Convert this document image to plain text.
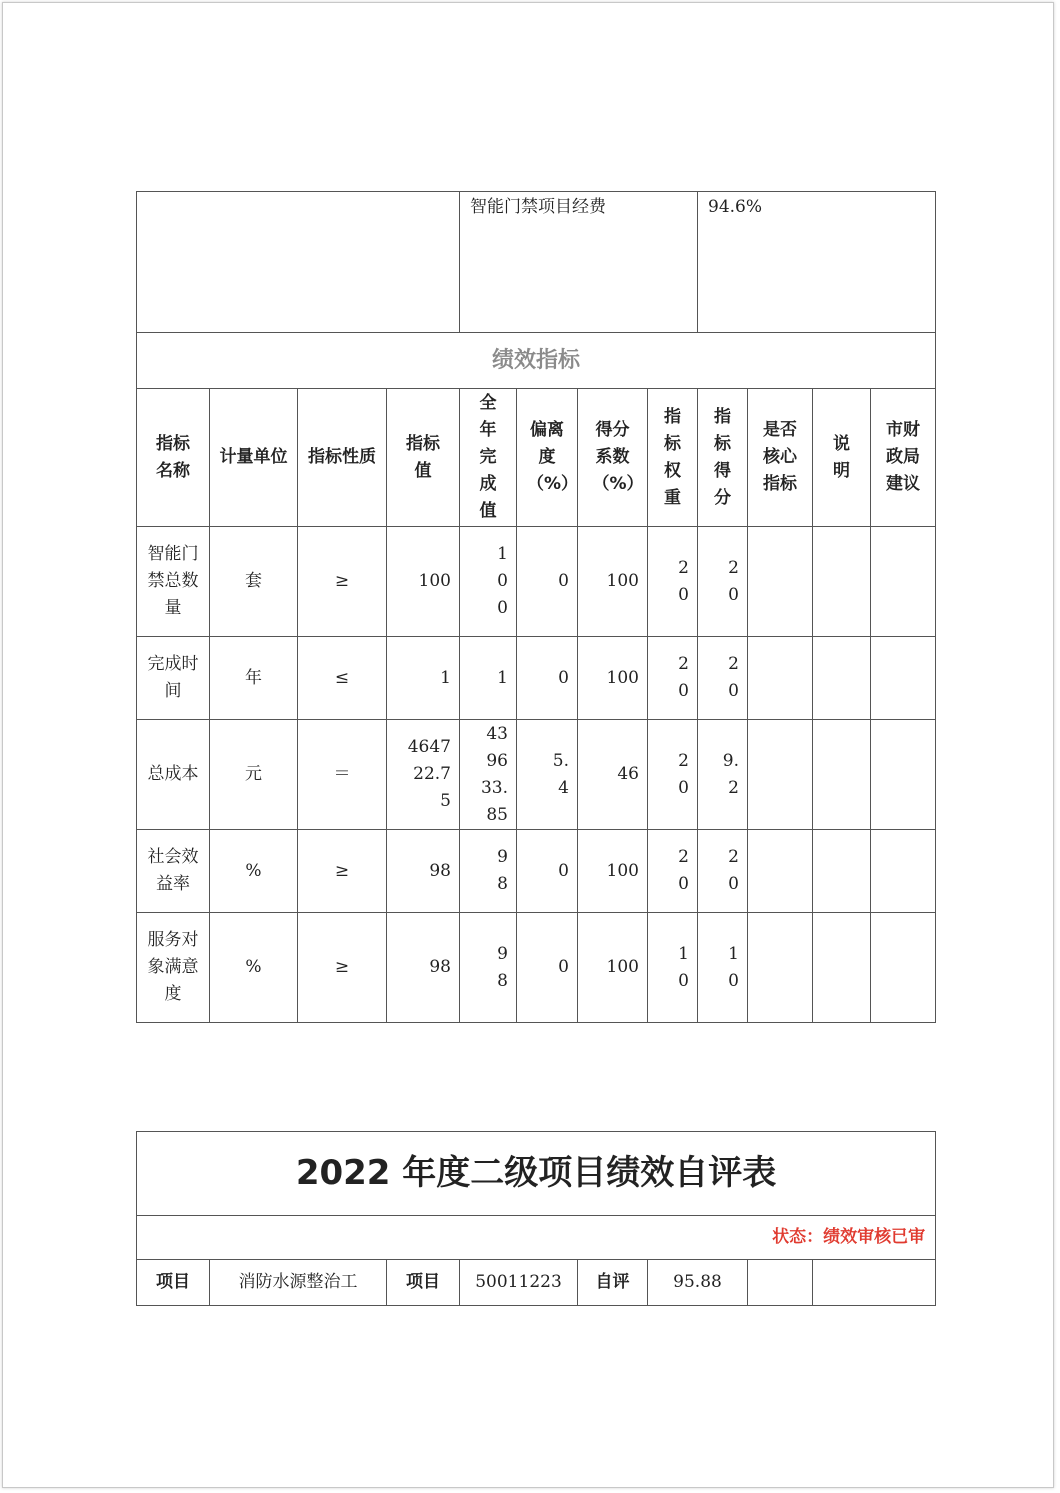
				智能门禁项目经费				94.6%			
绩效指标											

指标名称	计量单位	指标性质	指标值	全年完成值	偏离度（%）	得分系数（%）	指标权重	指标得分	是否核心指标	说明	市财政局建议

智能门禁总数量	套	≥	100	100	0	100	20	20			

完成时间	年	≤	1	1	0	100	20	20			

总成本	元	＝	464722.75	439633.85	5.4	46	20	9.2			

社会效益率	%	≥	98	98	0	100	20	20			

服务对象满意度	%	≥	98	98	0	100	10	10			

2022 年度二级项目绩效自评表
状态：绩效审核已审
项目	消防水源整治工	项目	50011223	自评	95.88		
